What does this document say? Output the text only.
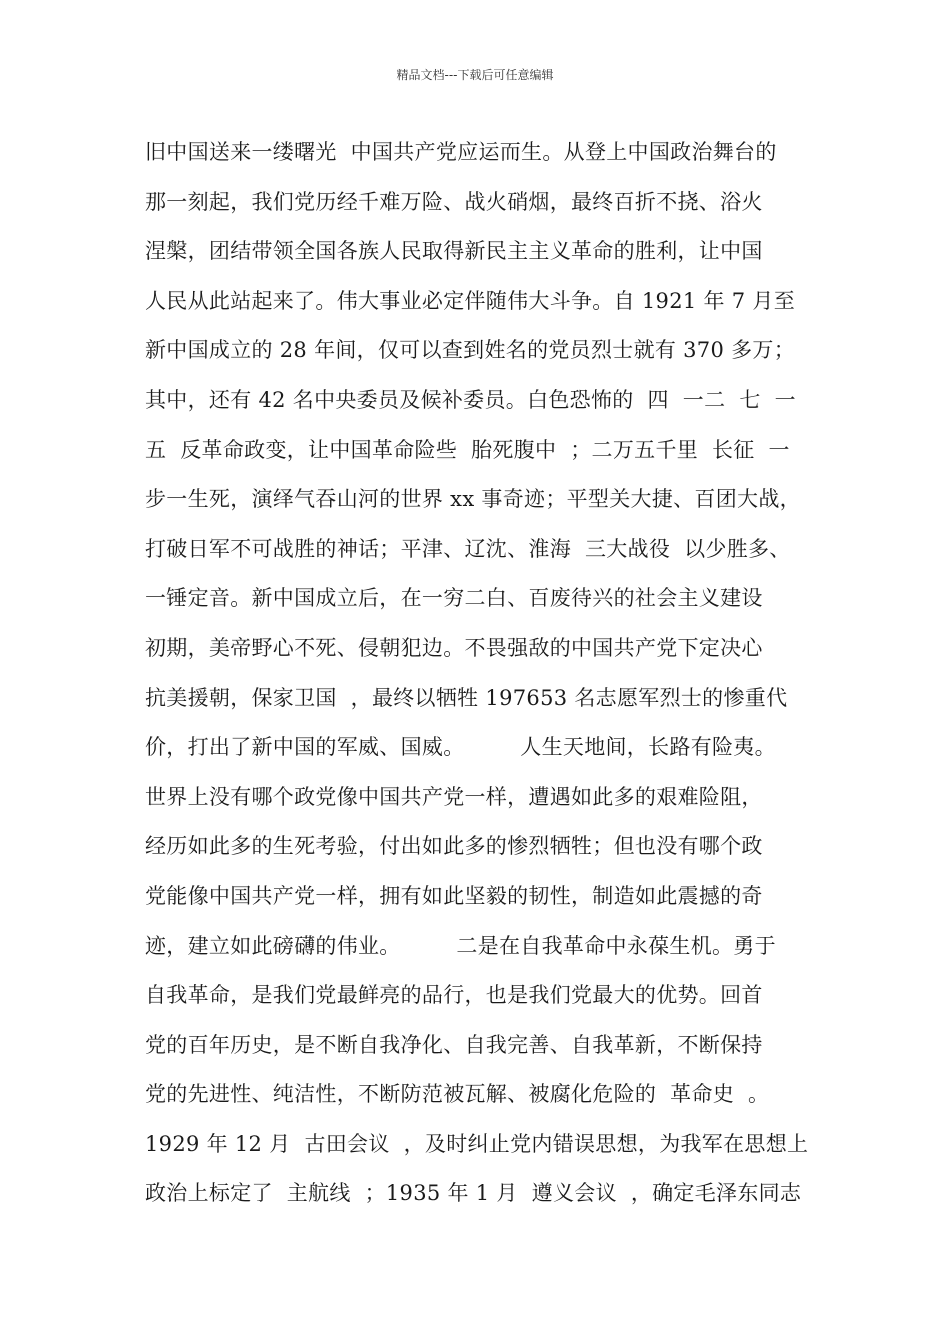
精品文档---下载后可任意编辑
旧中国送来一缕曙光  中国共产党应运而生。从登上中国政治舞台的
那一刻起，我们党历经千难万险、战火硝烟，最终百折不挠、浴火
涅槃，团结带领全国各族人民取得新民主主义革命的胜利，让中国
人民从此站起来了。伟大事业必定伴随伟大斗争。自 1921 年 7 月至
新中国成立的 28 年间，仅可以查到姓名的党员烈士就有 370 多万；
其中，还有 42 名中央委员及候补委员。白色恐怖的  四  一二  七  一
五  反革命政变，让中国革命险些  胎死腹中  ；二万五千里  长征  一
步一生死，演绎气吞山河的世界 xx 事奇迹；平型关大捷、百团大战，
打破日军不可战胜的神话；平津、辽沈、淮海  三大战役  以少胜多、
一锤定音。新中国成立后，在一穷二白、百废待兴的社会主义建设
初期，美帝野心不死、侵朝犯边。不畏强敌的中国共产党下定决心
抗美援朝，保家卫国  ，最终以牺牲 197653 名志愿军烈士的惨重代
价，打出了新中国的军威、国威。        人生天地间，长路有险夷。
世界上没有哪个政党像中国共产党一样，遭遇如此多的艰难险阻，
经历如此多的生死考验，付出如此多的惨烈牺牲；但也没有哪个政
党能像中国共产党一样，拥有如此坚毅的韧性，制造如此震撼的奇
迹，建立如此磅礴的伟业。        二是在自我革命中永葆生机。勇于
自我革命，是我们党最鲜亮的品行，也是我们党最大的优势。回首
党的百年历史，是不断自我净化、自我完善、自我革新，不断保持
党的先进性、纯洁性，不断防范被瓦解、被腐化危险的  革命史  。
1929 年 12 月  古田会议  ，及时纠止党内错误思想，为我军在思想上
政治上标定了  主航线  ；1935 年 1 月  遵义会议  ，确定毛泽东同志
